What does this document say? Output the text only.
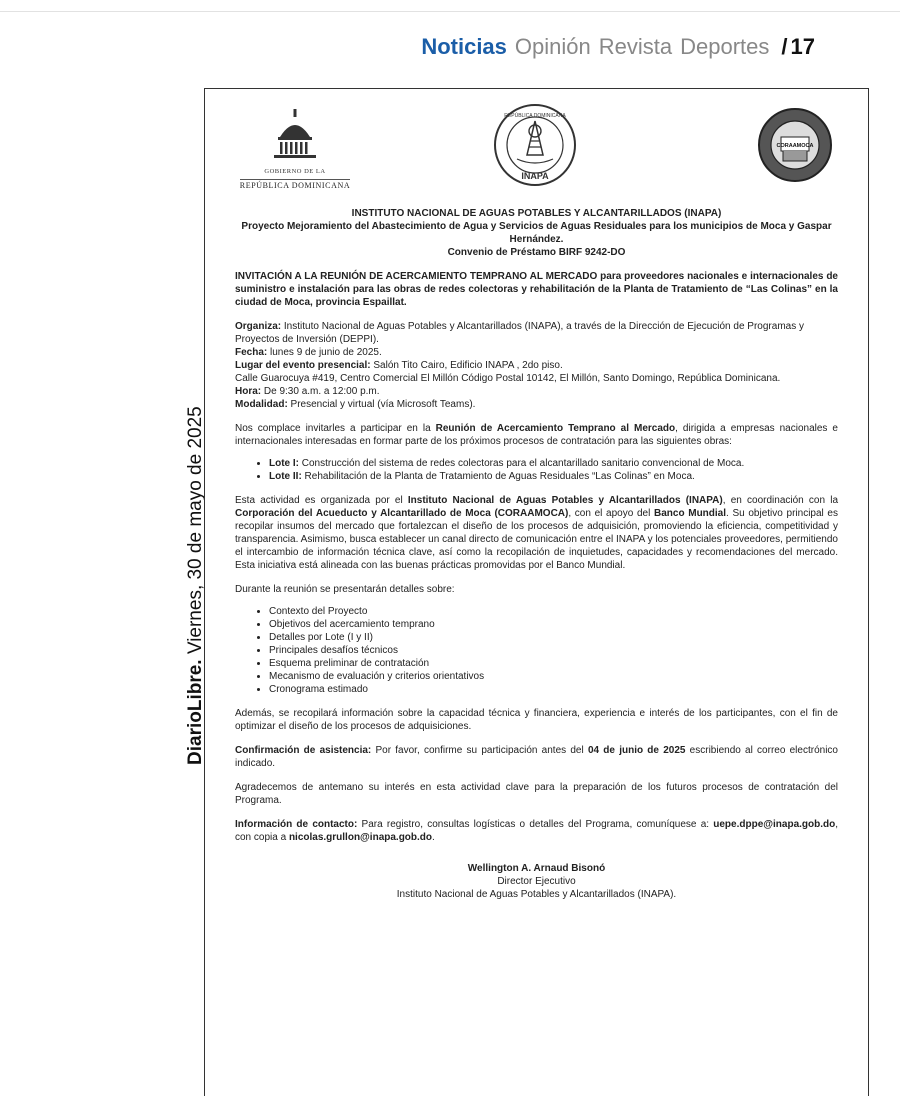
Noticias Opinión Revista Deportes / 17
DiarioLibre. Viernes, 30 de mayo de 2025
GOBIERNO DE LA
REPÚBLICA DOMINICANA
INAPA
REPÚBLICA DOMINICANA
CORAAMOCA

INSTITUTO NACIONAL DE AGUAS POTABLES Y ALCANTARILLADOS (INAPA)

Proyecto Mejoramiento del Abastecimiento de Agua y Servicios de Aguas Residuales para los municipios de Moca y Gaspar Hernández.

Convenio de Préstamo BIRF 9242-DO

INVITACIÓN A LA REUNIÓN DE ACERCAMIENTO TEMPRANO AL MERCADO para proveedores nacionales e internacionales de suministro e instalación para las obras de redes colectoras y rehabilitación de la Planta de Tratamiento de “Las Colinas” en la ciudad de Moca, provincia Espaillat.

Organiza: Instituto Nacional de Aguas Potables y Alcantarillados (INAPA), a través de la Dirección de Ejecución de Programas y Proyectos de Inversión (DEPPI).

Fecha: lunes 9 de junio de 2025.

Lugar del evento presencial: Salón Tito Cairo, Edificio INAPA , 2do piso.

Calle Guarocuya #419, Centro Comercial El Millón Código Postal 10142, El Millón, Santo Domingo, República Dominicana.

Hora: De 9:30 a.m. a 12:00 p.m.

Modalidad: Presencial y virtual (vía Microsoft Teams).

Nos complace invitarles a participar en la Reunión de Acercamiento Temprano al Mercado, dirigida a empresas nacionales e internacionales interesadas en formar parte de los próximos procesos de contratación para las siguientes obras:

• Lote I: Construcción del sistema de redes colectoras para el alcantarillado sanitario convencional de Moca.
• Lote II: Rehabilitación de la Planta de Tratamiento de Aguas Residuales “Las Colinas” en Moca.

Esta actividad es organizada por el Instituto Nacional de Aguas Potables y Alcantarillados (INAPA), en coordinación con la Corporación del Acueducto y Alcantarillado de Moca (CORAAMOCA), con el apoyo del Banco Mundial. Su objetivo principal es recopilar insumos del mercado que fortalezcan el diseño de los procesos de adquisición, promoviendo la eficiencia, competitividad y transparencia. Asimismo, busca establecer un canal directo de comunicación entre el INAPA y los potenciales proveedores, permitiendo el intercambio de información técnica clave, así como la recopilación de inquietudes, capacidades y recomendaciones del mercado. Esta iniciativa está alineada con las buenas prácticas promovidas por el Banco Mundial.

Durante la reunión se presentarán detalles sobre:

• Contexto del Proyecto
• Objetivos del acercamiento temprano
• Detalles por Lote (I y II)
• Principales desafíos técnicos
• Esquema preliminar de contratación
• Mecanismo de evaluación y criterios orientativos
• Cronograma estimado

Además, se recopilará información sobre la capacidad técnica y financiera, experiencia e interés de los participantes, con el fin de optimizar el diseño de los procesos de adquisiciones.

Confirmación de asistencia: Por favor, confirme su participación antes del 04 de junio de 2025 escribiendo al correo electrónico indicado.

Agradecemos de antemano su interés en esta actividad clave para la preparación de los futuros procesos de contratación del Programa.

Información de contacto: Para registro, consultas logísticas o detalles del Programa, comuníquese a: uepe.dppe@inapa.gob.do, con copia a nicolas.grullon@inapa.gob.do.

Wellington A. Arnaud Bisonó

Director Ejecutivo

Instituto Nacional de Aguas Potables y Alcantarillados (INAPA).
